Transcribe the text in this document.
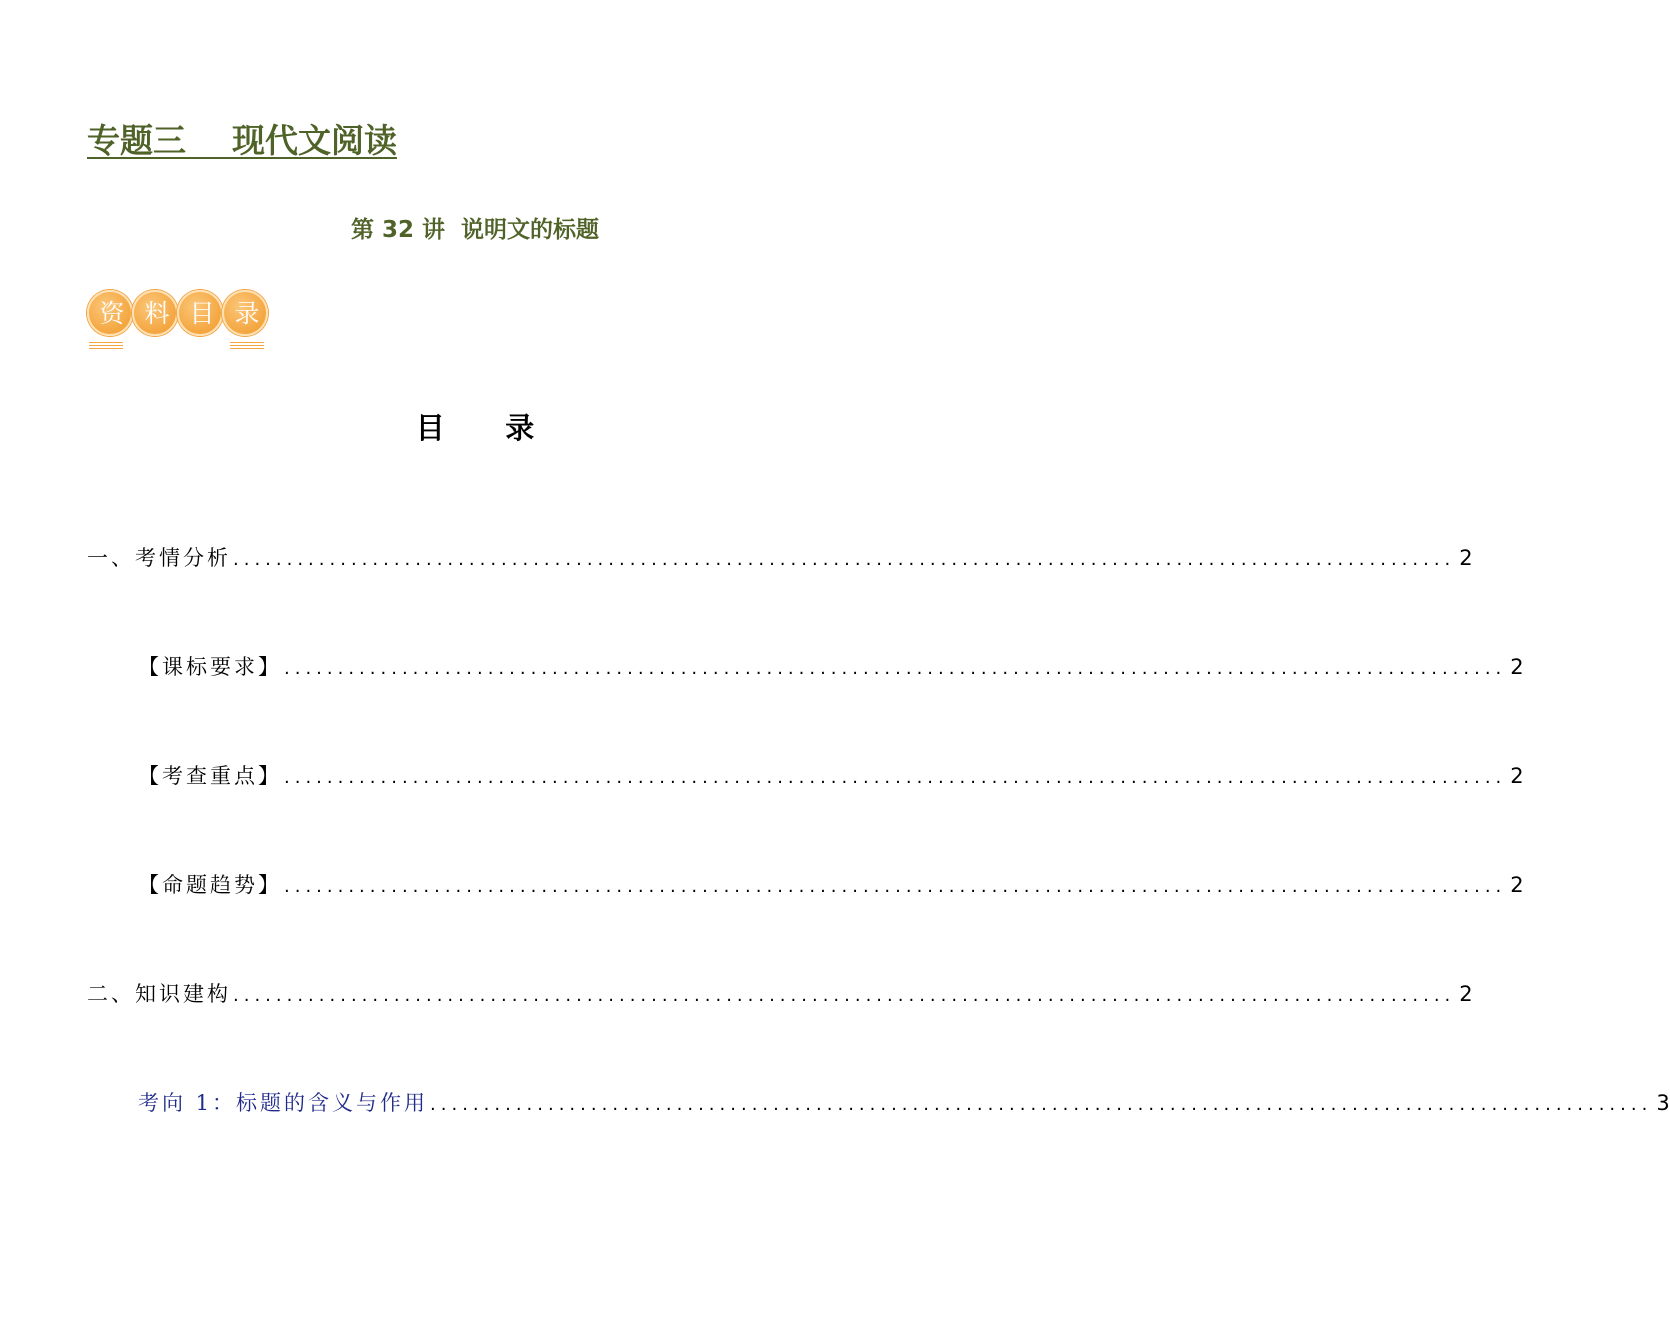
专题三    现代文阅读
第 32 讲  说明文的标题
资 料 目 录
目      录
一、考情分析 .................................................................................................................. 2
【课标要求】 .................................................................................................................. 2
【考查重点】 .................................................................................................................. 2
【命题趋势】 .................................................................................................................. 2
二、知识建构 .................................................................................................................. 2
考向 1：标题的含义与作用 .................................................................................................................. 3
